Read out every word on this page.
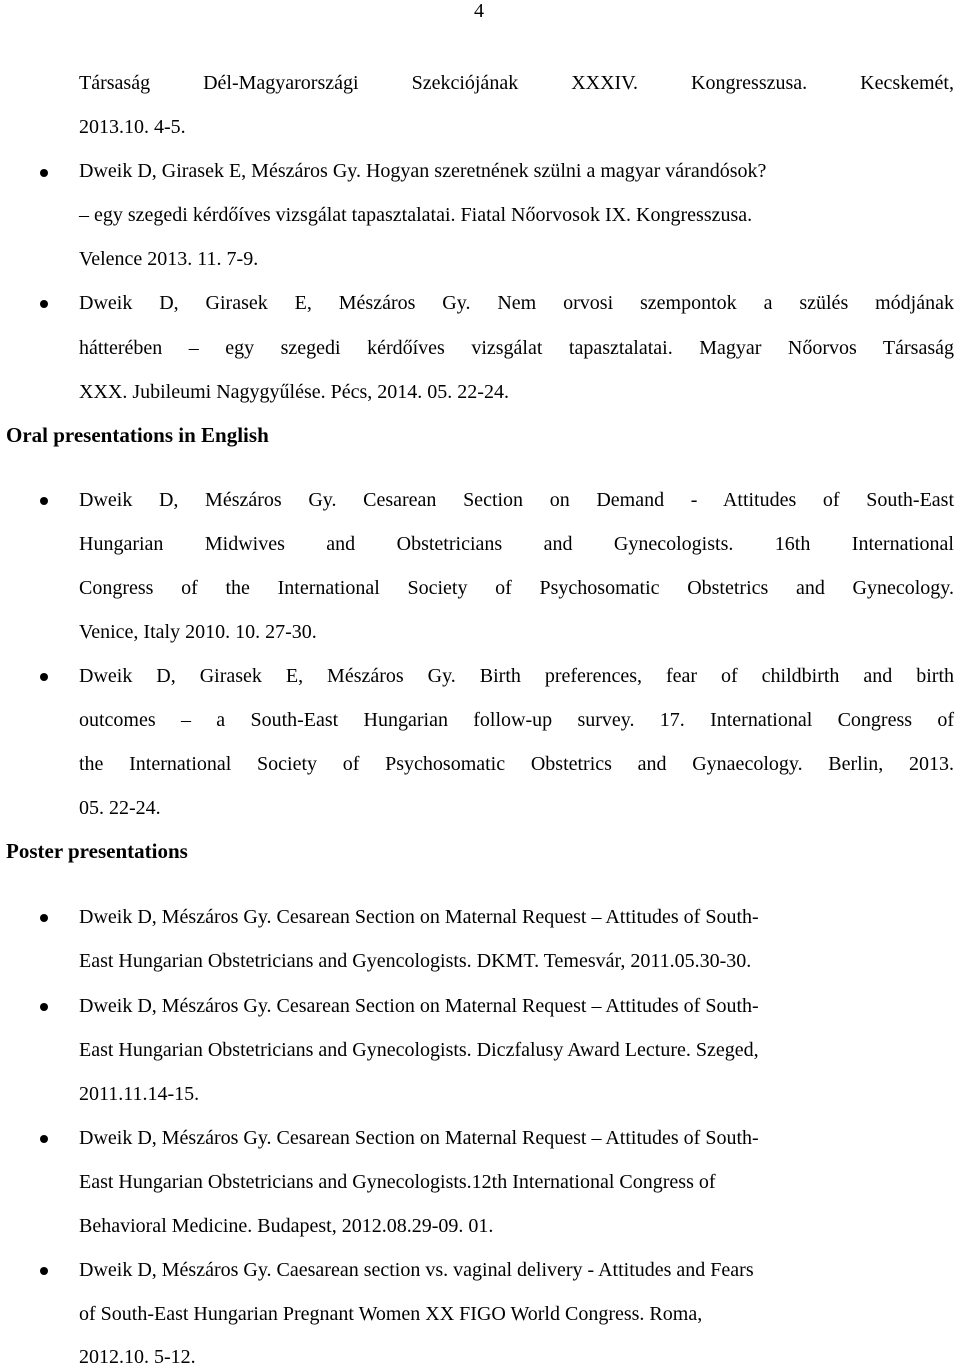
4
Társaság Dél-Magyarországi Szekciójának XXXIV. Kongresszusa. Kecskemét,
2013.10. 4-5.
Dweik D, Girasek E, Mészáros Gy. Hogyan szeretnének szülni a magyar várandósok?
– egy szegedi kérdőíves vizsgálat tapasztalatai. Fiatal Nőorvosok IX. Kongresszusa.
Velence 2013. 11. 7-9.
Dweik D, Girasek E, Mészáros Gy. Nem orvosi szempontok a szülés módjának
hátterében – egy szegedi kérdőíves vizsgálat tapasztalatai. Magyar Nőorvos Társaság
XXX. Jubileumi Nagygyűlése. Pécs, 2014. 05. 22-24.
Oral presentations in English
Dweik D, Mészáros Gy. Cesarean Section on Demand - Attitudes of South-East
Hungarian Midwives and Obstetricians and Gynecologists. 16th International
Congress of the International Society of Psychosomatic Obstetrics and Gynecology.
Venice, Italy 2010. 10. 27-30.
Dweik D, Girasek E, Mészáros Gy. Birth preferences, fear of childbirth and birth
outcomes – a South-East Hungarian follow-up survey. 17. International Congress of
the International Society of Psychosomatic Obstetrics and Gynaecology. Berlin, 2013.
05. 22-24.
Poster presentations
Dweik D, Mészáros Gy. Cesarean Section on Maternal Request – Attitudes of South-
East Hungarian Obstetricians and Gyencologists. DKMT. Temesvár, 2011.05.30-30.
Dweik D, Mészáros Gy. Cesarean Section on Maternal Request – Attitudes of South-
East Hungarian Obstetricians and Gynecologists. Diczfalusy Award Lecture. Szeged,
2011.11.14-15.
Dweik D, Mészáros Gy. Cesarean Section on Maternal Request – Attitudes of South-
East Hungarian Obstetricians and Gynecologists.12th International Congress of
Behavioral Medicine. Budapest, 2012.08.29-09. 01.
Dweik D, Mészáros Gy. Caesarean section vs. vaginal delivery - Attitudes and Fears
of South-East Hungarian Pregnant Women XX FIGO World Congress. Roma,
2012.10. 5-12.
